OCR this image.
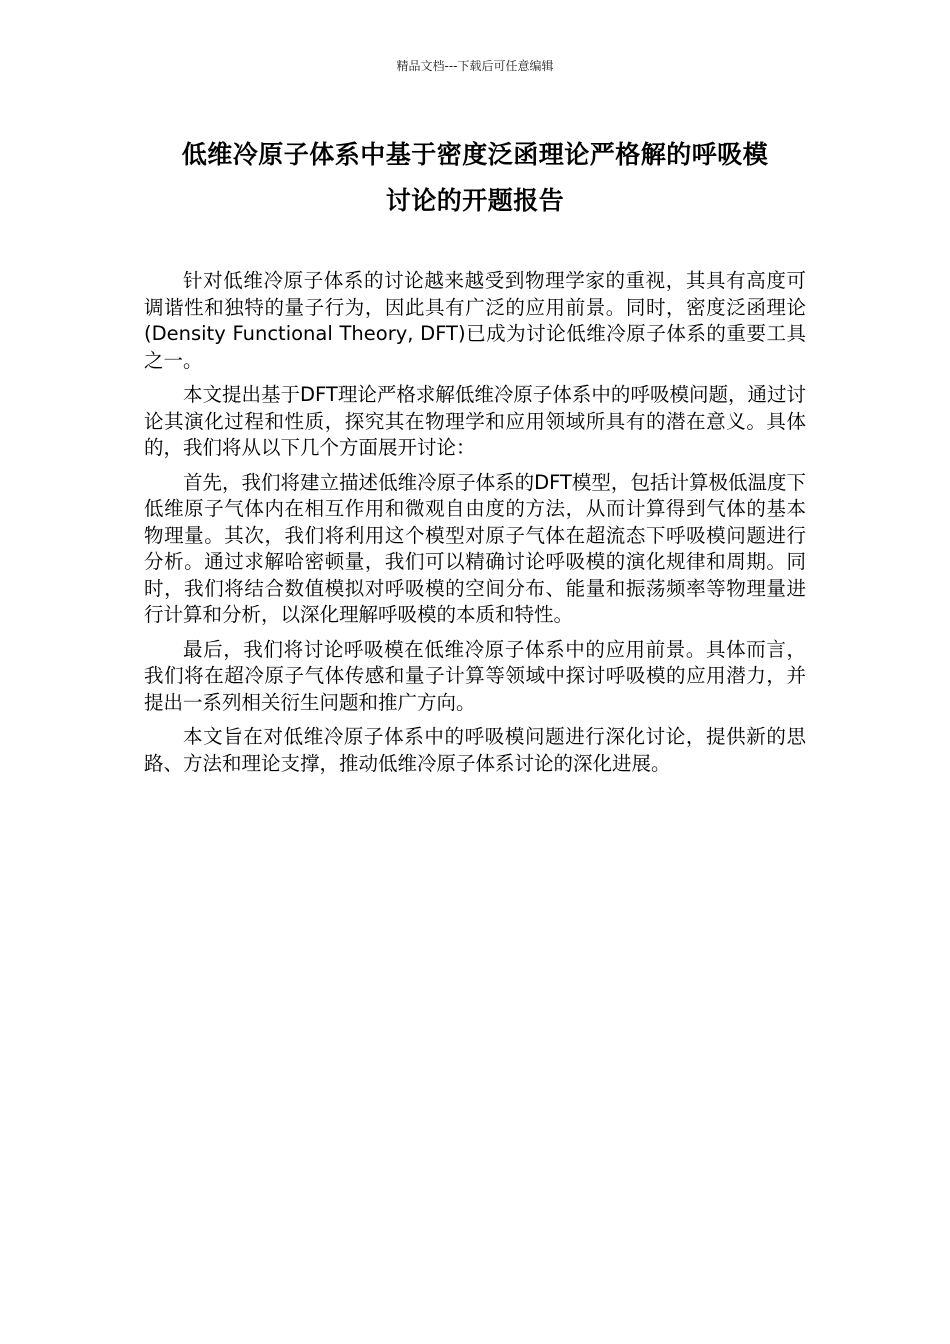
精品文档---下载后可任意编辑
低维冷原子体系中基于密度泛函理论严格解的呼吸模
讨论的开题报告

针对低维冷原子体系的讨论越来越受到物理学家的重视，其具有高度可调谐性和独特的量子行为，因此具有广泛的应用前景。同时，密度泛函理论(Density Functional Theory, DFT)已成为讨论低维冷原子体系的重要工具之一。

本文提出基于DFT理论严格求解低维冷原子体系中的呼吸模问题，通过讨论其演化过程和性质，探究其在物理学和应用领域所具有的潜在意义。具体的，我们将从以下几个方面展开讨论：

首先，我们将建立描述低维冷原子体系的DFT模型，包括计算极低温度下低维原子气体内在相互作用和微观自由度的方法，从而计算得到气体的基本物理量。其次，我们将利用这个模型对原子气体在超流态下呼吸模问题进行分析。通过求解哈密顿量，我们可以精确讨论呼吸模的演化规律和周期。同时，我们将结合数值模拟对呼吸模的空间分布、能量和振荡频率等物理量进行计算和分析，以深化理解呼吸模的本质和特性。

最后，我们将讨论呼吸模在低维冷原子体系中的应用前景。具体而言，我们将在超冷原子气体传感和量子计算等领域中探讨呼吸模的应用潜力，并提出一系列相关衍生问题和推广方向。

本文旨在对低维冷原子体系中的呼吸模问题进行深化讨论，提供新的思路、方法和理论支撑，推动低维冷原子体系讨论的深化进展。
